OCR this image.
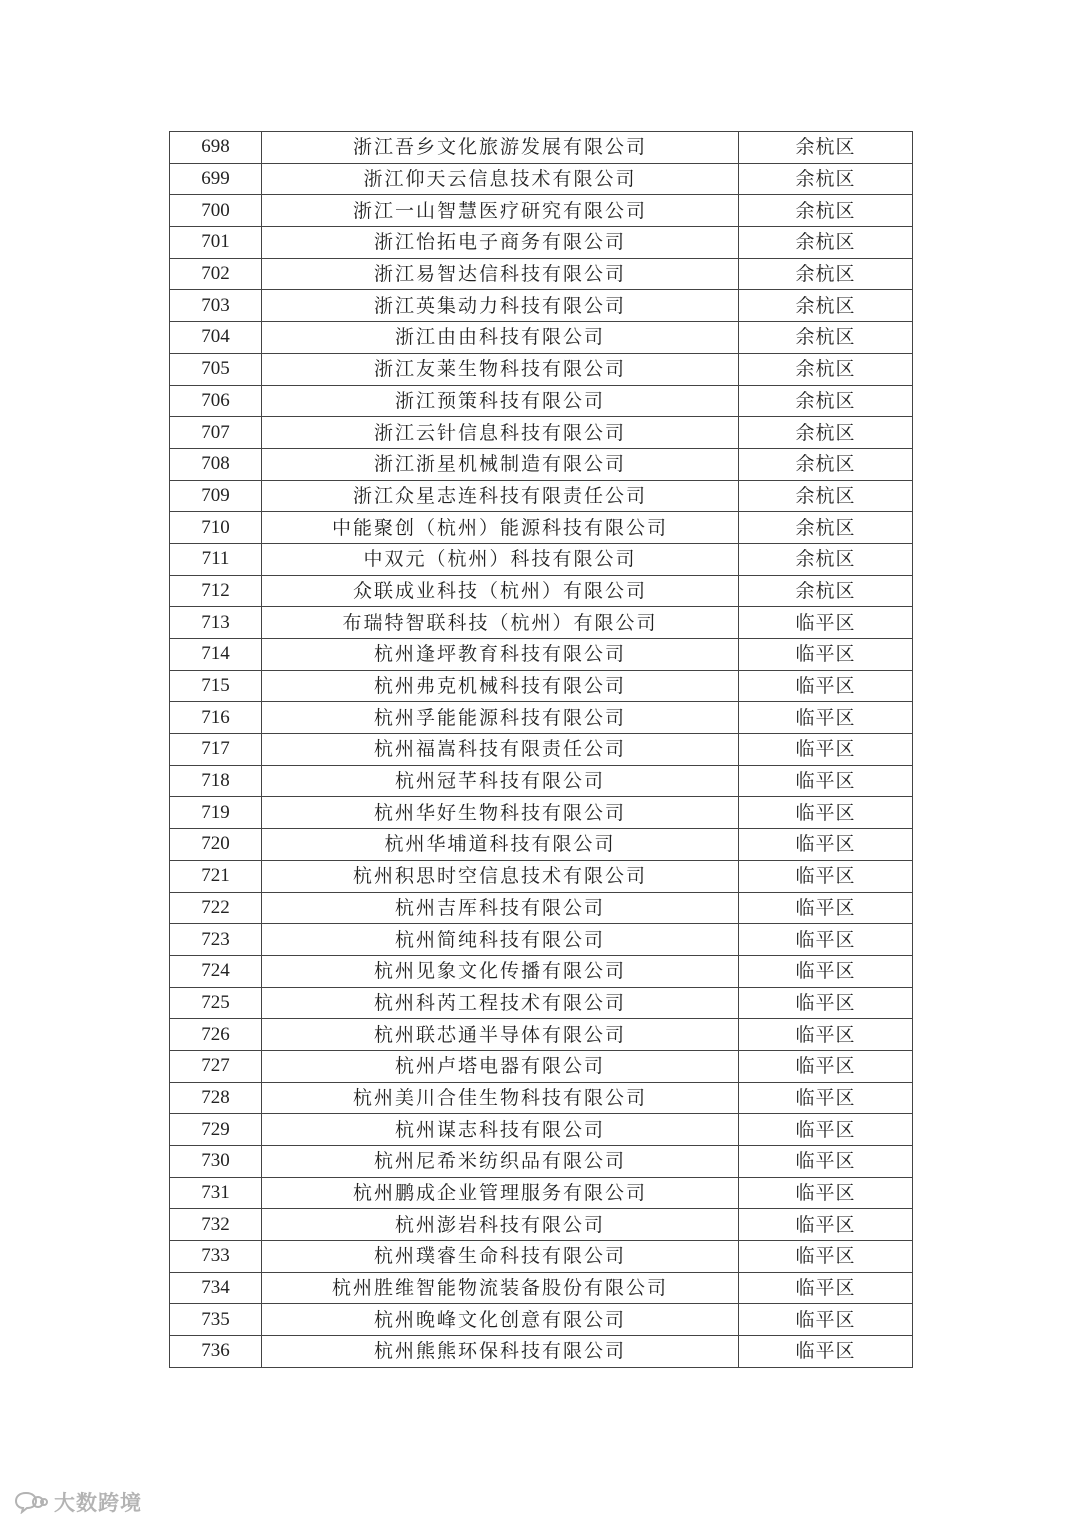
698	浙江吾乡文化旅游发展有限公司	余杭区
699	浙江仰天云信息技术有限公司	余杭区
700	浙江一山智慧医疗研究有限公司	余杭区
701	浙江怡拓电子商务有限公司	余杭区
702	浙江易智达信科技有限公司	余杭区
703	浙江英集动力科技有限公司	余杭区
704	浙江由由科技有限公司	余杭区
705	浙江友莱生物科技有限公司	余杭区
706	浙江预策科技有限公司	余杭区
707	浙江云针信息科技有限公司	余杭区
708	浙江浙星机械制造有限公司	余杭区
709	浙江众星志连科技有限责任公司	余杭区
710	中能聚创（杭州）能源科技有限公司	余杭区
711	中双元（杭州）科技有限公司	余杭区
712	众联成业科技（杭州）有限公司	余杭区
713	布瑞特智联科技（杭州）有限公司	临平区
714	杭州逢坪教育科技有限公司	临平区
715	杭州弗克机械科技有限公司	临平区
716	杭州孚能能源科技有限公司	临平区
717	杭州福嵩科技有限责任公司	临平区
718	杭州冠芊科技有限公司	临平区
719	杭州华好生物科技有限公司	临平区
720	杭州华埔道科技有限公司	临平区
721	杭州积思时空信息技术有限公司	临平区
722	杭州吉厍科技有限公司	临平区
723	杭州简纯科技有限公司	临平区
724	杭州见象文化传播有限公司	临平区
725	杭州科芮工程技术有限公司	临平区
726	杭州联芯通半导体有限公司	临平区
727	杭州卢塔电器有限公司	临平区
728	杭州美川合佳生物科技有限公司	临平区
729	杭州谋志科技有限公司	临平区
730	杭州尼希米纺织品有限公司	临平区
731	杭州鹏成企业管理服务有限公司	临平区
732	杭州澎岩科技有限公司	临平区
733	杭州璞睿生命科技有限公司	临平区
734	杭州胜维智能物流装备股份有限公司	临平区
735	杭州晚峰文化创意有限公司	临平区
736	杭州熊熊环保科技有限公司	临平区
大数跨境
